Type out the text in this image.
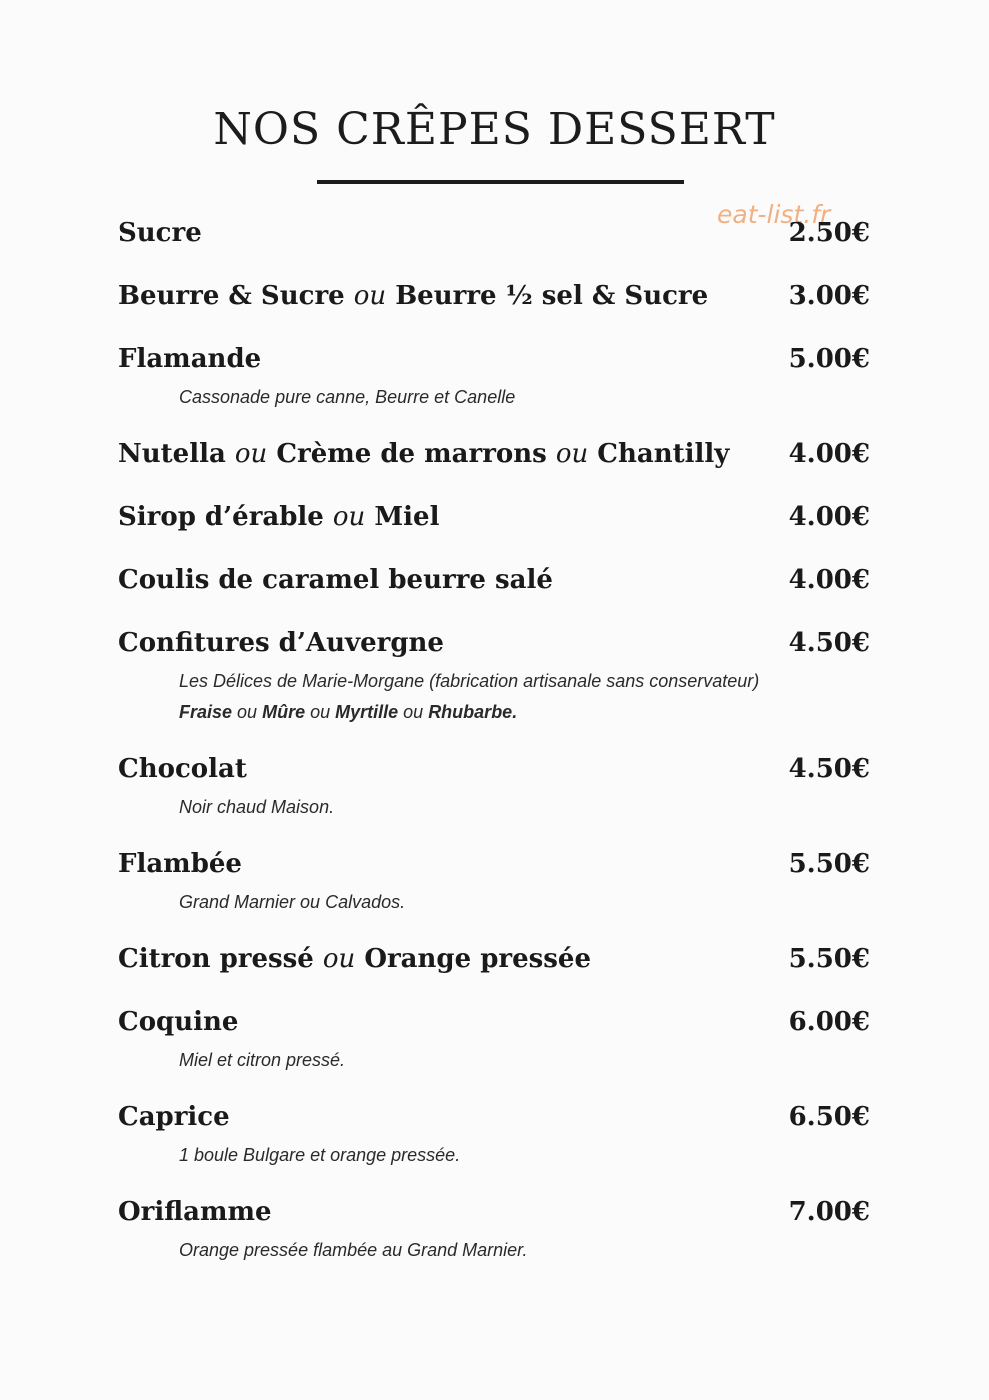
NOS CRÊPES DESSERT
eat-list.fr
Sucre	2.50€
Beurre & Sucre ou Beurre ½ sel & Sucre	3.00€
Flamande	5.00€
Cassonade pure canne, Beurre et Canelle
Nutella ou Crème de marrons ou Chantilly 4.00€
Sirop d’érable ou Miel	4.00€
Coulis de caramel beurre salé	4.00€
Confitures d’Auvergne	4.50€
Les Délices de Marie-Morgane (fabrication artisanale sans conservateur)
Fraise ou Mûre ou Myrtille ou Rhubarbe.
Chocolat	4.50€
Noir chaud Maison.
Flambée	5.50€
Grand Marnier ou Calvados.
Citron pressé ou Orange pressée	5.50€
Coquine	6.00€
Miel et citron pressé.
Caprice	6.50€
1 boule Bulgare et orange pressée.
Oriflamme	7.00€
Orange pressée flambée au Grand Marnier.
